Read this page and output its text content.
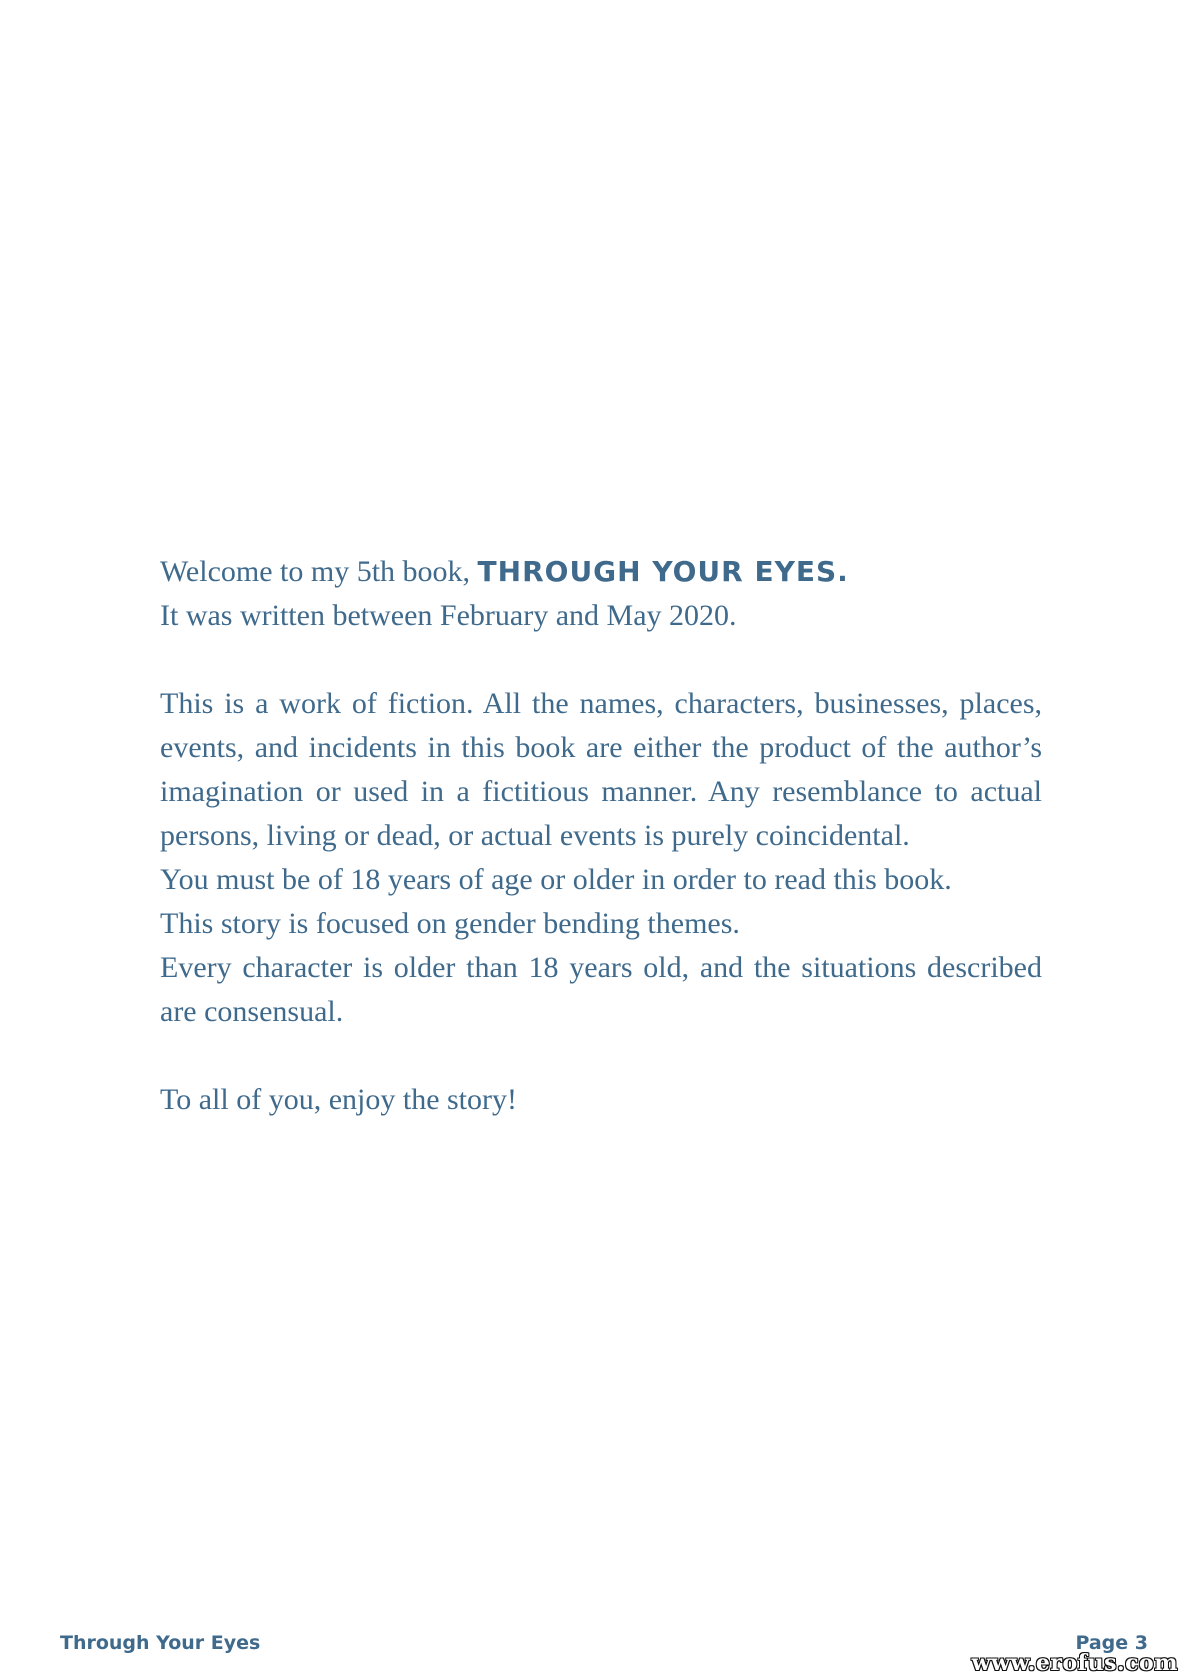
Welcome to my 5th book, THROUGH YOUR EYES.

It was written between February and May 2020.

This is a work of fiction. All the names, characters, businesses, places, events, and incidents in this book are either the product of the author’s imagination or used in a fictitious manner. Any resemblance to actual persons, living or dead, or actual events is purely coincidental.

You must be of 18 years of age or older in order to read this book.

This story is focused on gender bending themes.

Every character is older than 18 years old, and the situations described are consensual.

To all of you, enjoy the story!

Through Your Eyes	Page 3
www.erofus.com
